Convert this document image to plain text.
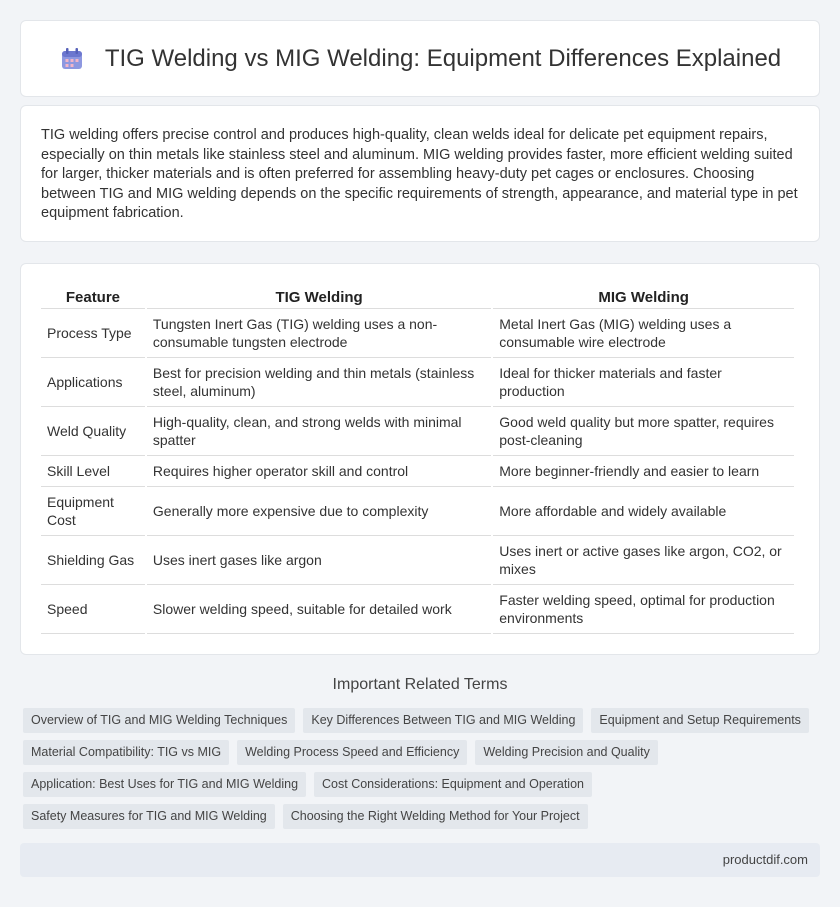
TIG Welding vs MIG Welding: Equipment Differences Explained
TIG welding offers precise control and produces high-quality, clean welds ideal for delicate pet equipment repairs, especially on thin metals like stainless steel and aluminum. MIG welding provides faster, more efficient welding suited for larger, thicker materials and is often preferred for assembling heavy-duty pet cages or enclosures. Choosing between TIG and MIG welding depends on the specific requirements of strength, appearance, and material type in pet equipment fabrication.
Feature	TIG Welding	MIG Welding
Process Type	Tungsten Inert Gas (TIG) welding uses a non-consumable tungsten electrode	Metal Inert Gas (MIG) welding uses a consumable wire electrode
Applications	Best for precision welding and thin metals (stainless steel, aluminum)	Ideal for thicker materials and faster production
Weld Quality	High-quality, clean, and strong welds with minimal spatter	Good weld quality but more spatter, requires post-cleaning
Skill Level	Requires higher operator skill and control	More beginner-friendly and easier to learn
Equipment Cost	Generally more expensive due to complexity	More affordable and widely available
Shielding Gas	Uses inert gases like argon	Uses inert or active gases like argon, CO2, or mixes
Speed	Slower welding speed, suitable for detailed work	Faster welding speed, optimal for production environments
Important Related Terms
Overview of TIG and MIG Welding Techniques	Key Differences Between TIG and MIG Welding	Equipment and Setup Requirements
Material Compatibility: TIG vs MIG	Welding Process Speed and Efficiency	Welding Precision and Quality
Application: Best Uses for TIG and MIG Welding	Cost Considerations: Equipment and Operation
Safety Measures for TIG and MIG Welding	Choosing the Right Welding Method for Your Project
productdif.com
